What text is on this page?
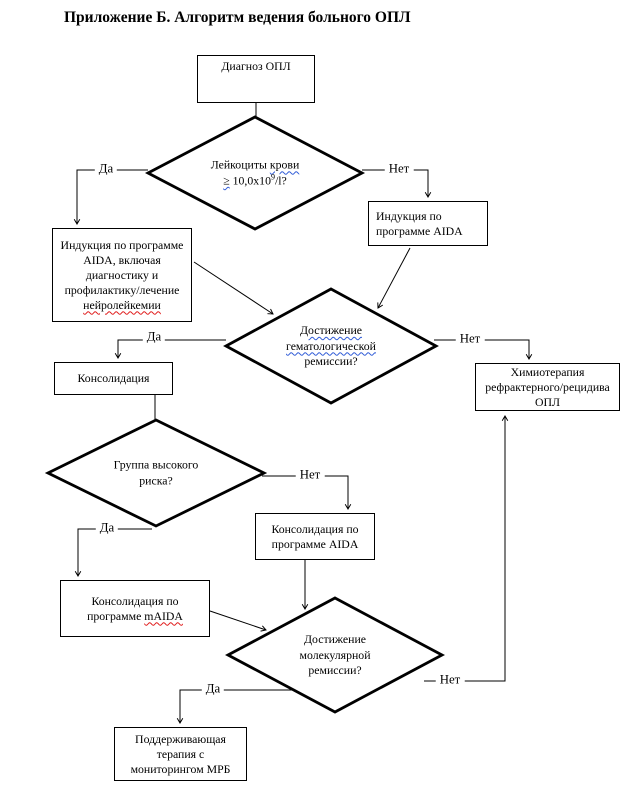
Приложение Б. Алгоритм ведения больного ОПЛ
Диагноз ОПЛ
Индукция по программе
AIDA, включая
диагностику и
профилактику/лечение
нейролейкемии
Индукция по
программе AIDA
Консолидация	Химиотерапия
рефрактерного/рецидива
ОПЛ
Консолидация по
программе AIDA
Консолидация по
программе mAIDA
Поддерживающая
терапия с
мониторингом МРБ
Лейкоциты крови
≥ $10,0x10^9/l$?
Достижение
гематологической
ремиссии?
Группа высокого
риска?
Достижение
молекулярной
ремиссии?
Да	Нет
Да	Нет
Нет
Да
Да
Нет
